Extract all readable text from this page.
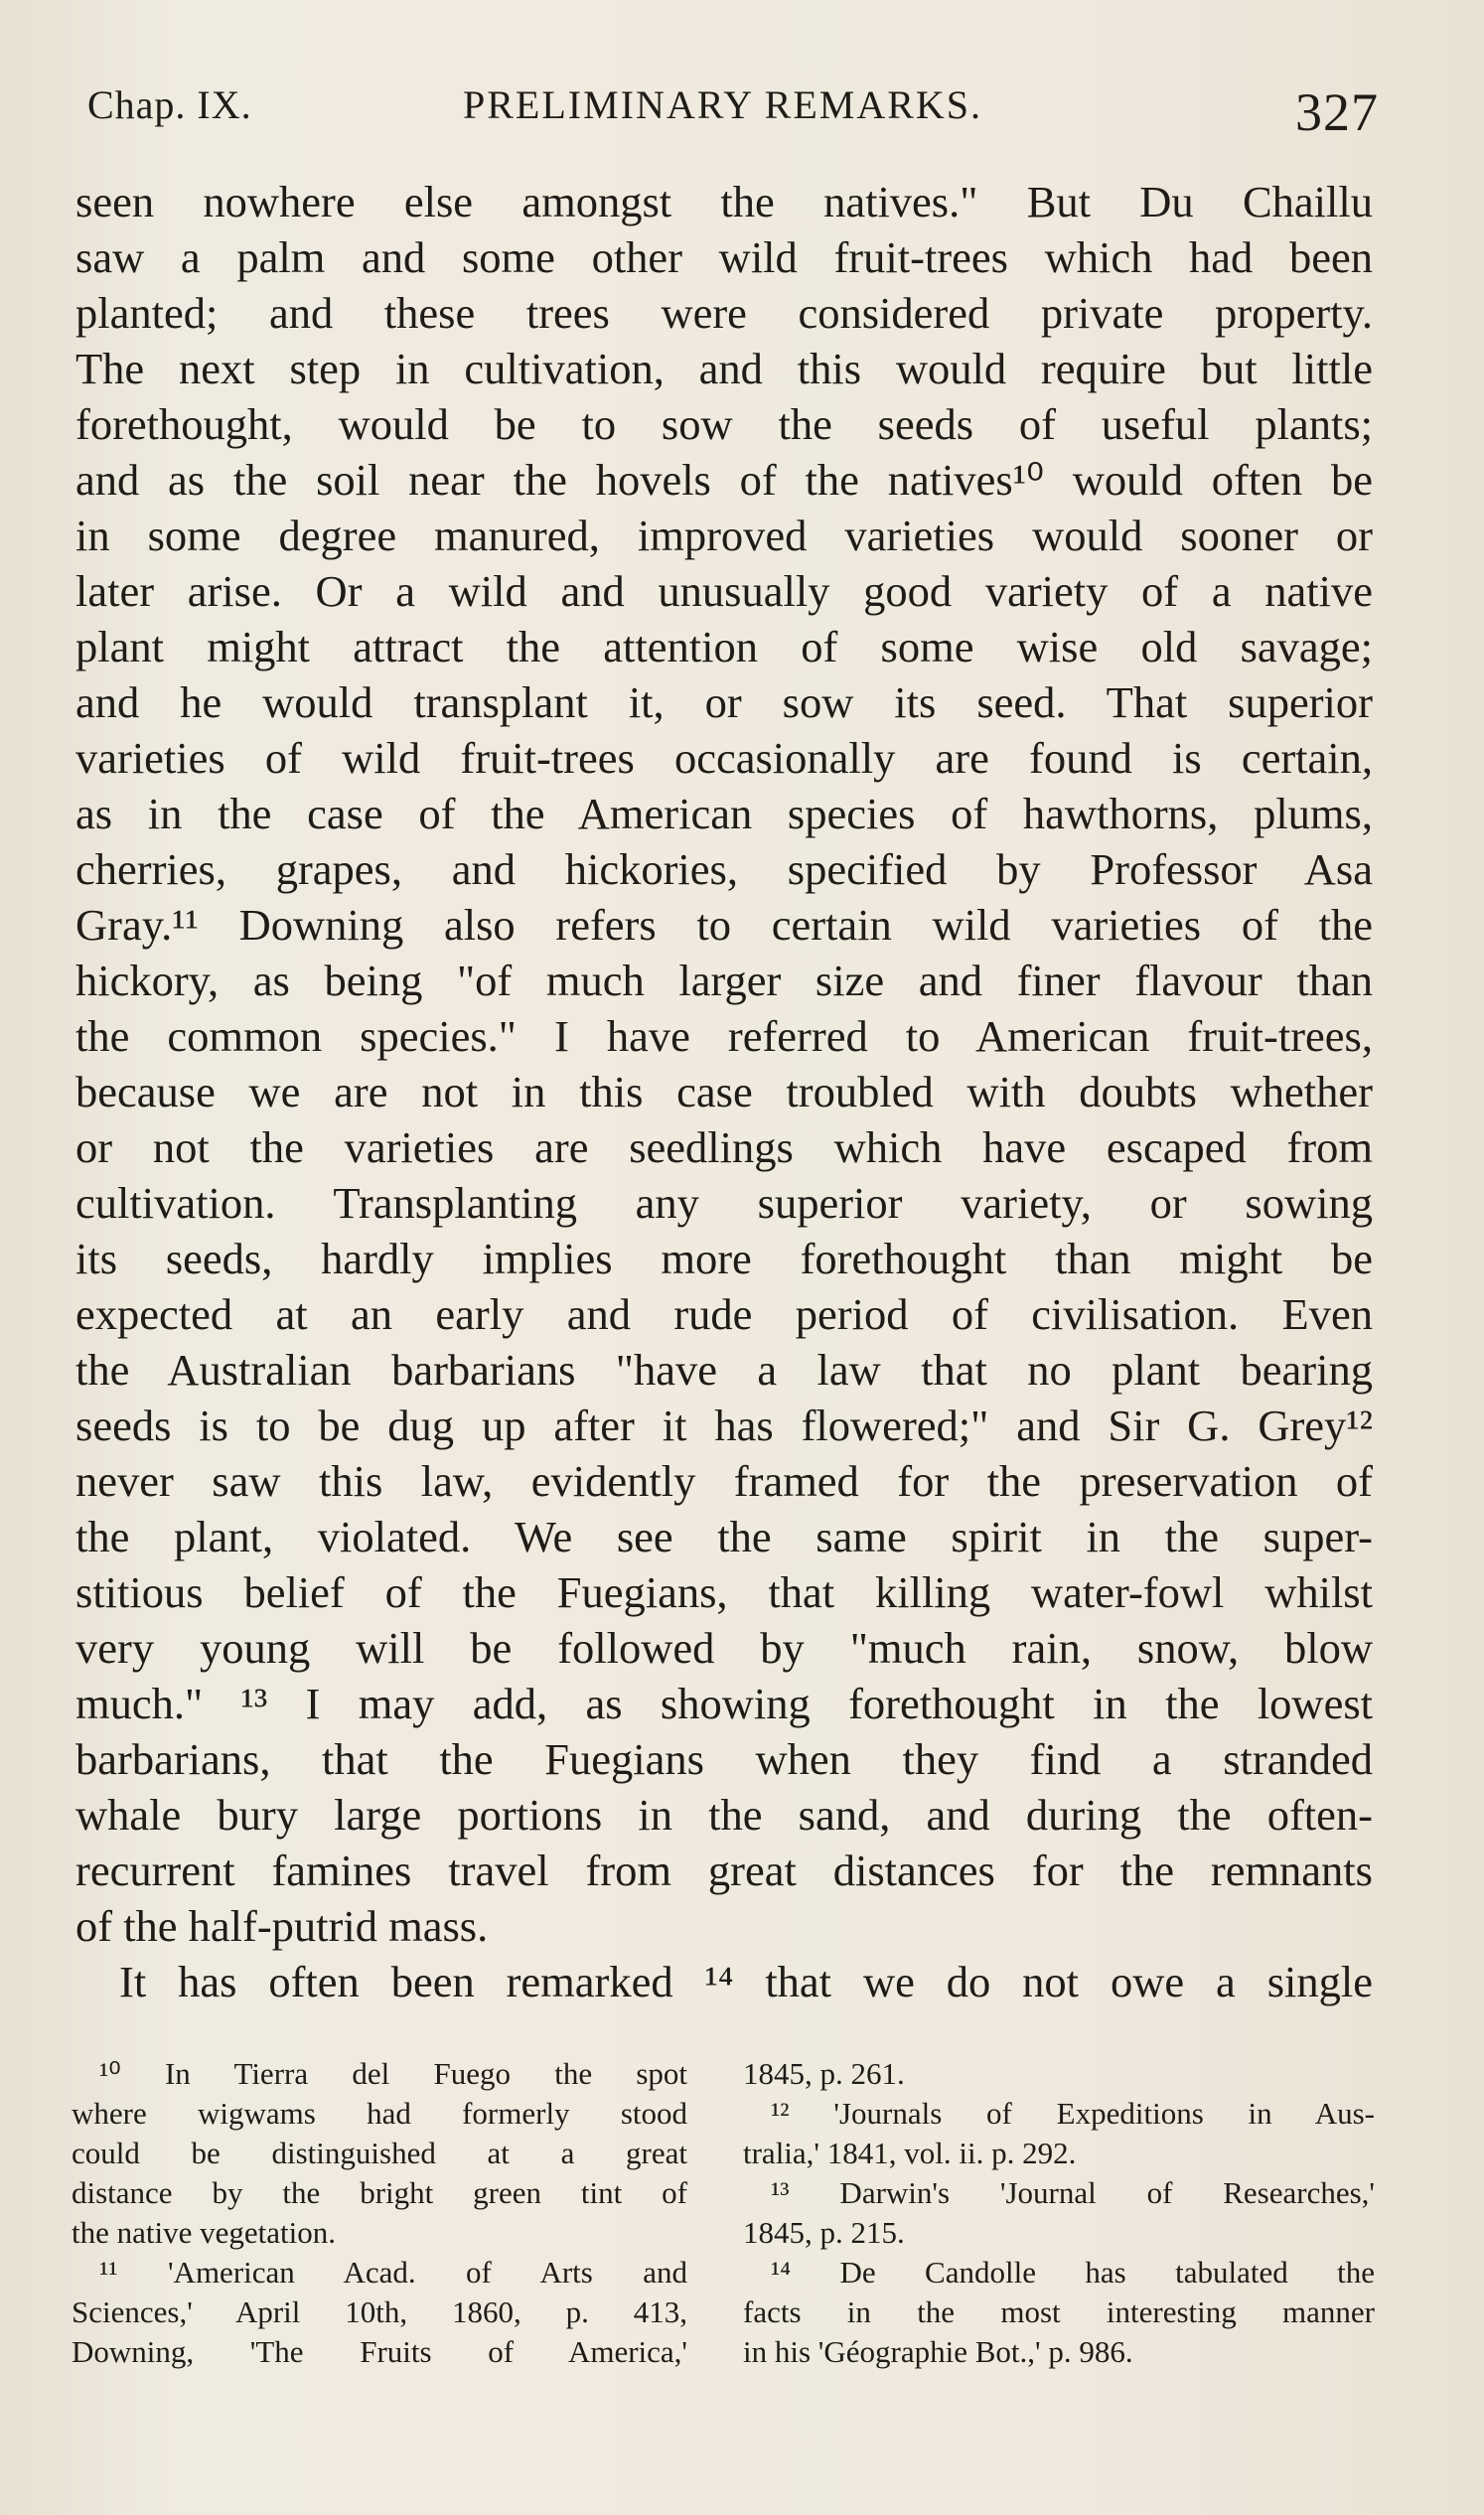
Chap. IX.	PRELIMINARY REMARKS.	327
seen nowhere else amongst the natives." But Du Chaillu
saw a palm and some other wild fruit-trees which had been
planted; and these trees were considered private property.
The next step in cultivation, and this would require but little
forethought, would be to sow the seeds of useful plants;
and as the soil near the hovels of the natives¹⁰ would often be
in some degree manured, improved varieties would sooner or
later arise. Or a wild and unusually good variety of a native
plant might attract the attention of some wise old savage;
and he would transplant it, or sow its seed. That superior
varieties of wild fruit-trees occasionally are found is certain,
as in the case of the American species of hawthorns, plums,
cherries, grapes, and hickories, specified by Professor Asa
Gray.¹¹ Downing also refers to certain wild varieties of the
hickory, as being "of much larger size and finer flavour than
the common species." I have referred to American fruit-trees,
because we are not in this case troubled with doubts whether
or not the varieties are seedlings which have escaped from
cultivation. Transplanting any superior variety, or sowing
its seeds, hardly implies more forethought than might be
expected at an early and rude period of civilisation. Even
the Australian barbarians "have a law that no plant bearing
seeds is to be dug up after it has flowered;" and Sir G. Grey¹²
never saw this law, evidently framed for the preservation of
the plant, violated. We see the same spirit in the super-
stitious belief of the Fuegians, that killing water-fowl whilst
very young will be followed by "much rain, snow, blow
much." ¹³ I may add, as showing forethought in the lowest
barbarians, that the Fuegians when they find a stranded
whale bury large portions in the sand, and during the often-
recurrent famines travel from great distances for the remnants
of the half-putrid mass.
It has often been remarked ¹⁴ that we do not owe a single
¹⁰ In Tierra del Fuego the spot
where wigwams had formerly stood
could be distinguished at a great
distance by the bright green tint of
the native vegetation.
¹¹ 'American Acad. of Arts and
Sciences,' April 10th, 1860, p. 413,
Downing, 'The Fruits of America,'
1845, p. 261.
¹² 'Journals of Expeditions in Aus-
tralia,' 1841, vol. ii. p. 292.
¹³ Darwin's 'Journal of Researches,'
1845, p. 215.
¹⁴ De Candolle has tabulated the
facts in the most interesting manner
in his 'Géographie Bot.,' p. 986.
